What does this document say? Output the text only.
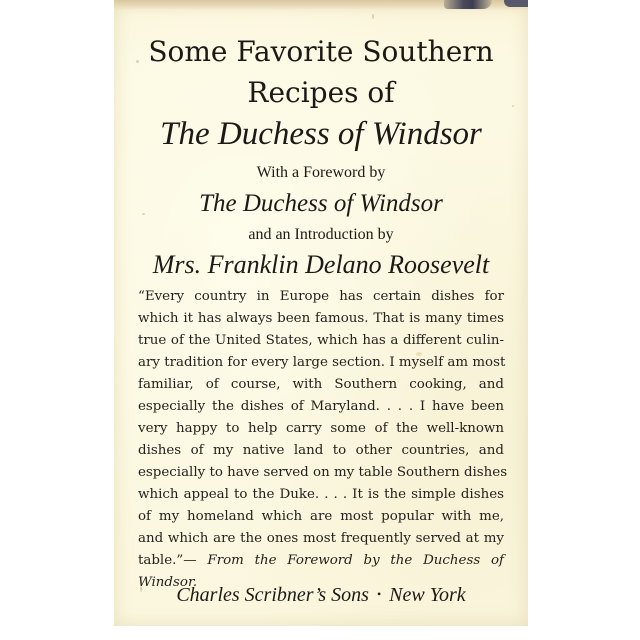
Some Favorite Southern
Recipes of
The Duchess of Windsor
With a Foreword by
The Duchess of Windsor
and an Introduction by
Mrs. Franklin Delano Roosevelt
“Every country in Europe has certain dishes for
which it has always been famous. That is many times
true of the United States, which has a different culin-
ary tradition for every large section. I myself am most
familiar, of course, with Southern cooking, and
especially the dishes of Maryland. . . . I have been
very happy to help carry some of the well-known
dishes of my native land to other countries, and
especially to have served on my table Southern dishes
which appeal to the Duke. . . . It is the simple dishes
of my homeland which are most popular with me,
and which are the ones most frequently served at my
table.”— From the Foreword by the Duchess of
Windsor.
Charles Scribner’s Sons • New York
